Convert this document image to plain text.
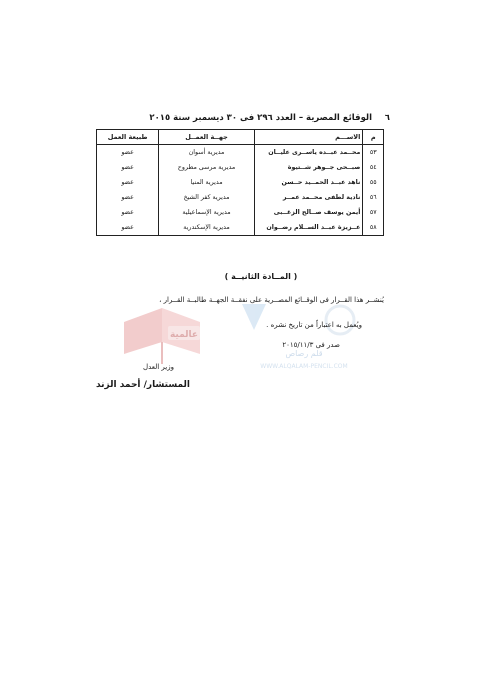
٦
الوقائع المصرية – العدد ٢٩٦ فى ٣٠ ديسمبر سنة ٢٠١٥
م	الاســـم	جهــة العمــل	طبيعة العمل
٥٣	محــمد عبــده ياســرى عليــان	مديرية أسوان	عضو
٥٤	صبــحى جــوهر شــتيوة	مديرية مرسى مطروح	عضو
٥٥	ناهد عبــد الحمــيد حــسن	مديرية المنيا	عضو
٥٦	نادية لطفى محــمد عمــر	مديرية كفر الشيخ	عضو
٥٧	أيمن يوسف صــالح الزغــبى	مديرية الإسماعيلية	عضو
٥٨	عــزيزة عبــد الســلام رضــوان	مديرية الإسكندرية	عضو
عالمية
قلم رصاص
WWW.ALQALAM-PENCIL.COM
( المــادة الثانيــة )
يُنشــر هذا القــرار فى الوقــائع المصــرية على نفقــة الجهــة طالبــة القــرار ،
ويُعمل به اعتباراً من تاريخ نشره .
صدر فى ٢٠١٥/١١/٣
وزير العدل
المستشار/ أحمد الزند
